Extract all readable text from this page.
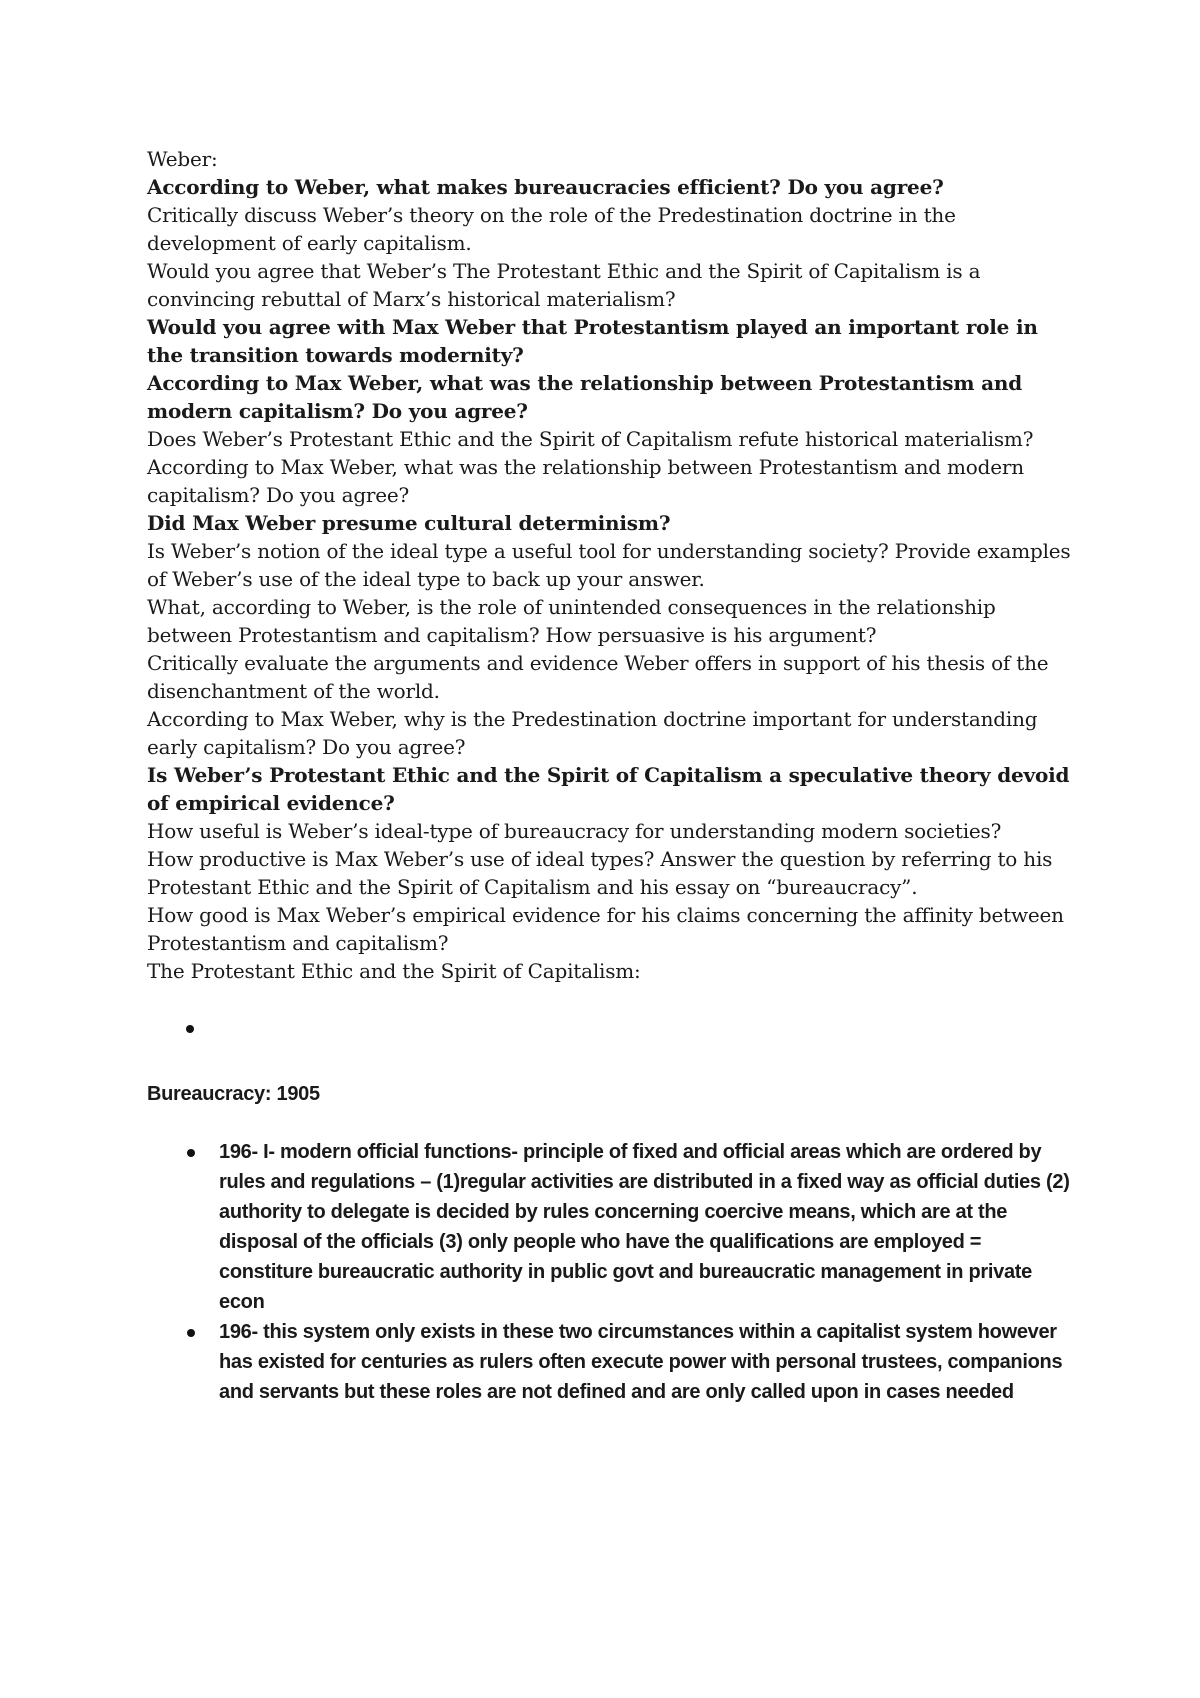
Weber:

According to Weber, what makes bureaucracies efficient? Do you agree?

Critically discuss Weber’s theory on the role of the Predestination doctrine in the development of early capitalism.

Would you agree that Weber’s The Protestant Ethic and the Spirit of Capitalism is a convincing rebuttal of Marx’s historical materialism?

Would you agree with Max Weber that Protestantism played an important role in the transition towards modernity?

According to Max Weber, what was the relationship between Protestantism and modern capitalism? Do you agree?

Does Weber’s Protestant Ethic and the Spirit of Capitalism refute historical materialism?

According to Max Weber, what was the relationship between Protestantism and modern capitalism? Do you agree?

Did Max Weber presume cultural determinism?

Is Weber’s notion of the ideal type a useful tool for understanding society? Provide examples of Weber’s use of the ideal type to back up your answer.

What, according to Weber, is the role of unintended consequences in the relationship between Protestantism and capitalism? How persuasive is his argument?

Critically evaluate the arguments and evidence Weber offers in support of his thesis of the disenchantment of the world.

According to Max Weber, why is the Predestination doctrine important for understanding early capitalism? Do you agree?

Is Weber’s Protestant Ethic and the Spirit of Capitalism a speculative theory devoid of empirical evidence?

How useful is Weber’s ideal-type of bureaucracy for understanding modern societies?

How productive is Max Weber’s use of ideal types? Answer the question by referring to his Protestant Ethic and the Spirit of Capitalism and his essay on “bureaucracy”.

How good is Max Weber’s empirical evidence for his claims concerning the affinity between Protestantism and capitalism?

The Protestant Ethic and the Spirit of Capitalism:

Bureaucracy: 1905

196- I- modern official functions- principle of fixed and official areas which are ordered by rules and regulations – (1)regular activities are distributed in a fixed way as official duties (2) authority to delegate is decided by rules concerning coercive means, which are at the disposal of the officials (3) only people who have the qualifications are employed = constiture bureaucratic authority in public govt and bureaucratic management in private econ
196- this system only exists in these two circumstances within a capitalist system however has existed for centuries as rulers often execute power with personal trustees, companions and servants but these roles are not defined and are only called upon in cases needed
